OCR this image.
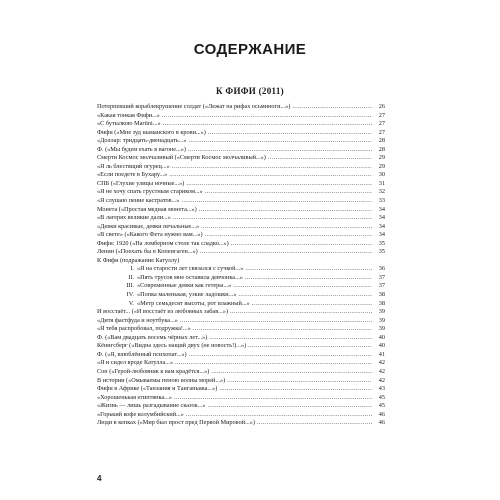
СОДЕРЖАНИЕ
К ФИФИ (2011)
Потерпевший кораблекрушение солдат («Лежат на рифах осьминоги...») . . .	26
«Какая тонкая Фифи...» . . .	27
«С бутылкою Martini...» . . .	27
Фифи («Мне зуд шаманского в крови...») . . .	27
«Доллар: тридцать-двенадцать...» . . .	28
Ф. («Мы будем ехать в вагоне...») . . .	28
Смерти Космос молчаливый («Смерти Космос молчаливый...») . . .	29
«Я ль блестящий огурец...» . . .	29
«Если поедете в Бухару...» . . .	30
СПБ («Глухие улицы ночные...») . . .	31
«Я не хочу спать грустным стариком...» . . .	32
«Я слушаю пение кастратов...» . . .	33
Монета («Простая медная монета...») . . .	34
«В лагерях великие дали...» . . .	34
«Девки красивые, девки печальные...» . . .	34
«В свете» («Какого Фета нужно вам...») . . .	34
Фифи: 1920 («На ломберном столе так сладко...») . . .	35
Ленин («Поехать бы в Копенгаген...») . . .	35
К Фифи (подражание Катуллу)
I. «Я на старости лет связался с сучкой...» . . .	36
II. «Пять трусов мне оставила девчонка...» . . .	37
III. «Современные девки как гетеры...» . . .	37
IV. «Попка маленькая, узкие ладошки...» . . .	38
V. «Метр семьдесят высоты, рот влажный...» . . .	38
И восстаёт... («И восстаёт из любовных забав...») . . .	39
«Дитя фастфуда и ноутбука...» . . .	39
«Я тебя распробовал, подружка!...» . . .	39
Ф. («Вам двадцать восемь чёрных лет...») . . .	40
Кёнигсберг («Видна здесь нащий двух (не новость!)...») . . .	40
Ф. («Я, влюблённый психопат...») . . .	41
«Я и сидел вроде Катулла...» . . .	42
Сон («Герой-любовник к вам крадётся...») . . .	42
В истории («Омываемы пеною волны морей...») . . .	42
Фифи в Африке («Танзания и Танганьика...») . . .	43
«Хорошенькая египтянка...» . . .	45
«Жизнь — лишь разгадывание сказок...» . . .	45
«Горький кофе колумбийский...» . . .	46
Люди в кепках («Мир был прост пред Первой Мировой...») . . .	46
4
